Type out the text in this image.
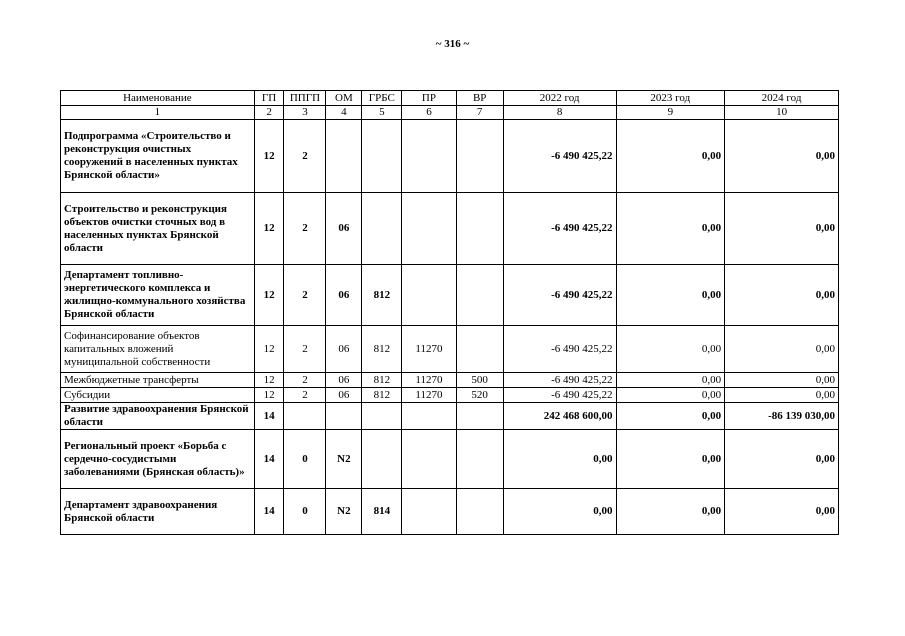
~ 316 ~
Наименование	ГП	ППГП	ОМ	ГРБС	ПР	ВР	2022 год	2023 год	2024 год
1	2	3	4	5	6	7	8	9	10
Подпрограмма «Строительство и реконструкция очистных сооружений в населенных пунктах Брянской области»	12	2					-6 490 425,22	0,00	0,00
Строительство и реконструкция объектов очистки сточных вод в населенных пунктах Брянской области	12	2	06				-6 490 425,22	0,00	0,00
Департамент топливно-энергетического комплекса и жилищно-коммунального хозяйства Брянской области	12	2	06	812			-6 490 425,22	0,00	0,00
Софинансирование объектов капитальных вложений муниципальной собственности	12	2	06	812	11270		-6 490 425,22	0,00	0,00
Межбюджетные трансферты	12	2	06	812	11270	500	-6 490 425,22	0,00	0,00
Субсидии	12	2	06	812	11270	520	-6 490 425,22	0,00	0,00
Развитие здравоохранения Брянской области	14						242 468 600,00	0,00	-86 139 030,00
Региональный проект «Борьба с сердечно-сосудистыми заболеваниями (Брянская область)»	14	0	N2				0,00	0,00	0,00
Департамент здравоохранения Брянской области	14	0	N2	814			0,00	0,00	0,00
